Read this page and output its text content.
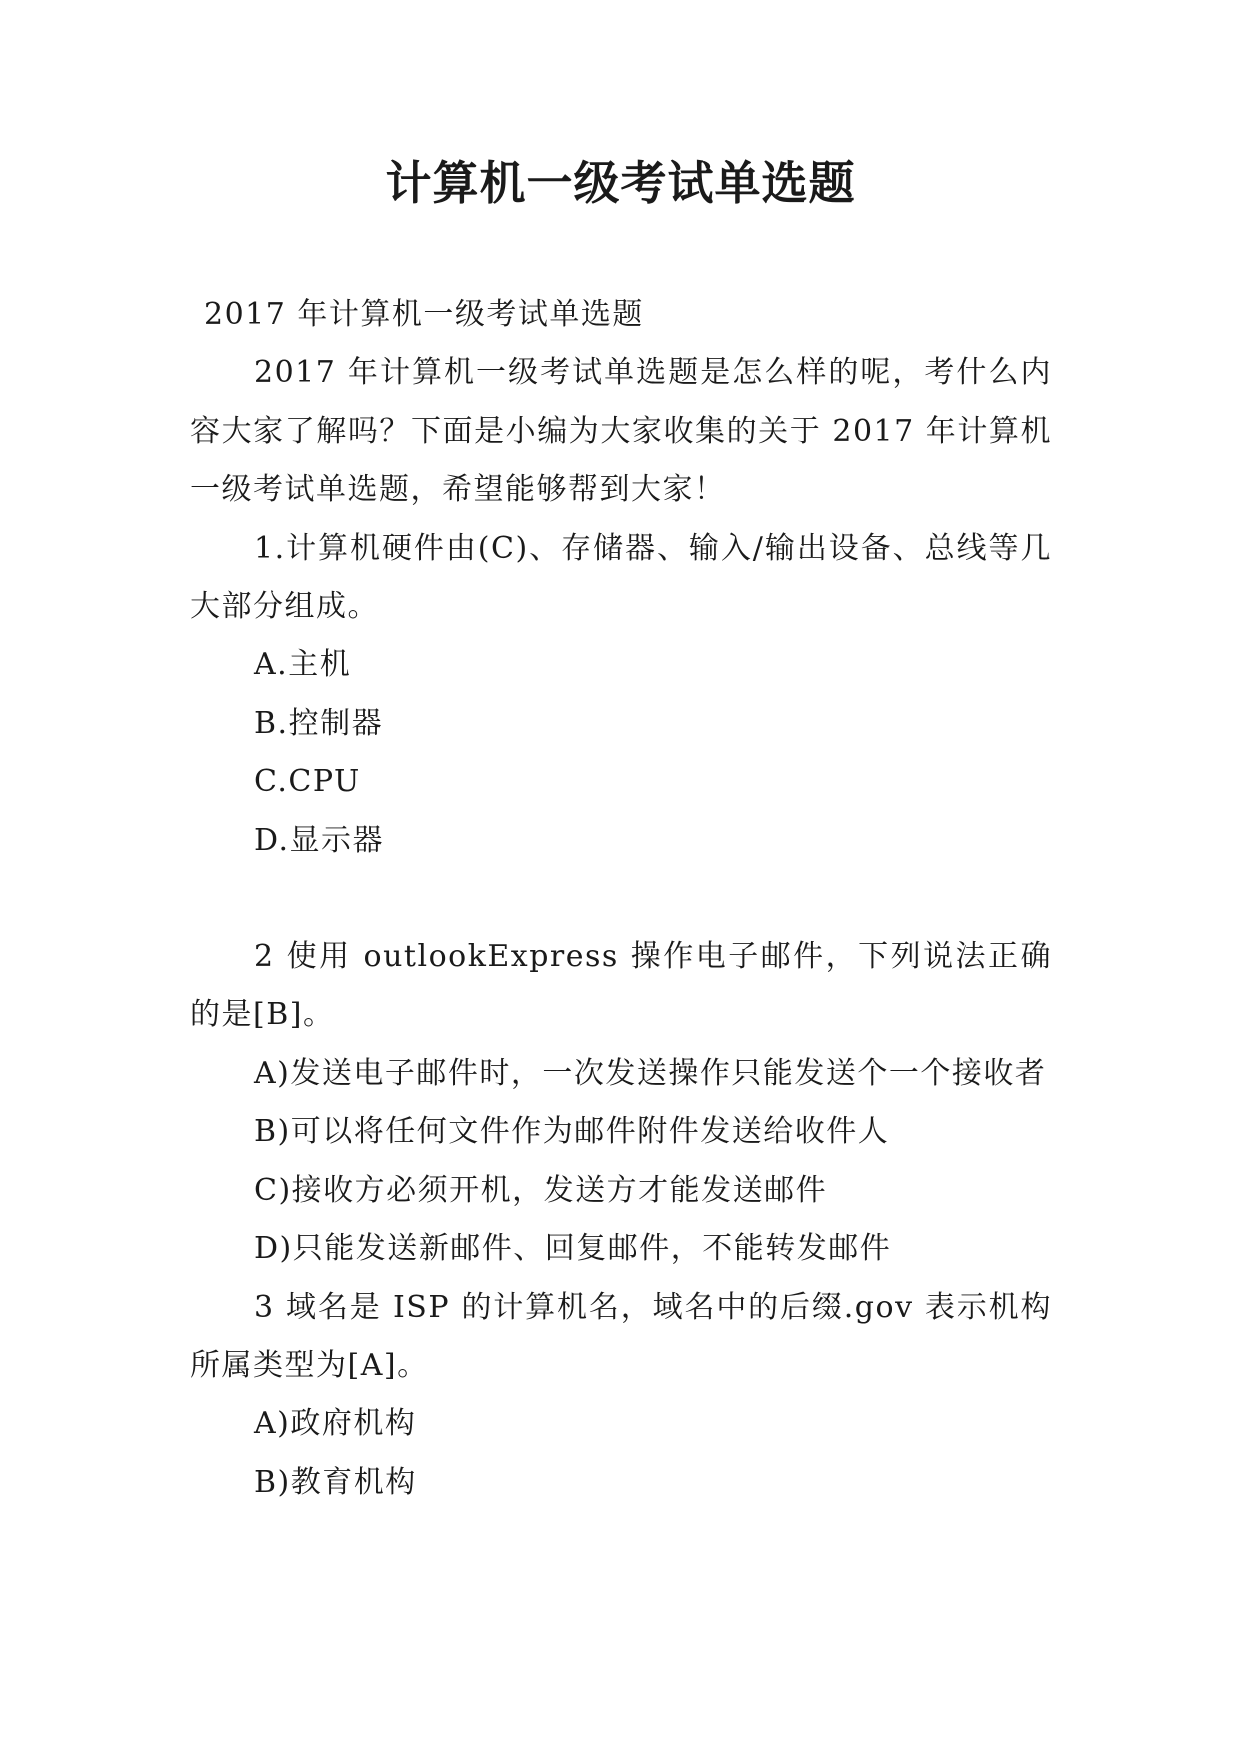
计算机一级考试单选题

2017 年计算机一级考试单选题

2017 年计算机一级考试单选题是怎么样的呢，考什么内容大家了解吗？下面是小编为大家收集的关于 2017 年计算机一级考试单选题，希望能够帮到大家！

1.计算机硬件由(C)、存储器、输入/输出设备、总线等几大部分组成。

A.主机

B.控制器

C.CPU

D.显示器

2 使用 outlookExpress 操作电子邮件，下列说法正确的是[B]。

A)发送电子邮件时，一次发送操作只能发送个一个接收者

B)可以将任何文件作为邮件附件发送给收件人

C)接收方必须开机，发送方才能发送邮件

D)只能发送新邮件、回复邮件，不能转发邮件

3 域名是 ISP 的计算机名，域名中的后缀.gov 表示机构所属类型为[A]。

A)政府机构

B)教育机构
